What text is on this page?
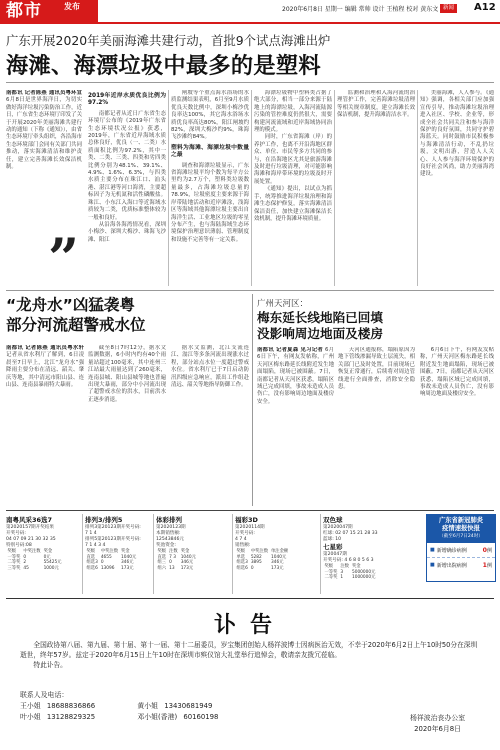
都市	发布	2020年6月8日 星期一 编辑 常帅 设计 王植程 校对 黄东文 新闻	A12
广东开展2020年美丽海滩共建行动，首批9个试点海滩出炉
海滩、海漂垃圾中最多的是塑料

南都讯 记者陈燕 通讯员粤环宣 6月8日是世界海洋日，为切实做好海洋垃圾污染防治工作，近日，广东省生态环境厅印发了关于开展2020年美丽海滩共建行动的通知（下称《通知》），由省生态环境厅牵头组织，各沿海市生态环境部门会同有关部门共同推动，落实海滩清洁和维护责任，建立完善海滩长效保洁机制。

”
2019年近岸水质优良比例为97.2%

南都记者从近日广东省生态环境厅公布的《2019年广东省生态环境状况公报》获悉，2019年，广东省近岸海域水质总体良好，优良（一、二类）水质面积比例为97.2%，其中一类、二类、三类、四类和劣四类比例分别为48.1%、39.1%、4.9%、1.6%、6.3%，与四类水质主要分布在珠江口、汕头港、湛江港等河口海湾，主要超标因子为无机氮和活性磷酸盐。珠江、小东江入海口等近海域水质较为二类，优质标准整体较为一般和良好。

从沿海各海湾情况看，深圳小梅沙、深圳大梅沙、珠海飞沙滩、阳江

闸坡等个重点海水浴场的水质监测结果表明，6月至9月水质优良天数比例中，深圳小梅沙优良率达100%，其它海水浴场水质优良率高达80%，阳江闸坡约82%，深圳大梅沙约9%，珠海飞沙滩约84%。

塑料为海滩、海漂垃圾中数量之最

调查和海漂垃圾显示，广东省海滩垃圾平均个数为每平方公里约为2.7万个，塑料类垃圾数量最多，占海滩垃圾总量的78.9%，垃圾密度主要来源于海岸带陆地活动和近岸滩涂，浅海区等海域其他海漂垃圾主要出自海洋生活、工业地区垃圾的零星分布产生，也与海陆海域生态环境保护治理意识薄弱、管理制度和设施不完善等有一定关系。

海漂垃圾物中塑料类占据了绝大部分，相当一部分来源于陆地上的海漂垃圾，入海河流陆源污染的管控难度仍然很大，需要构建河流流域和近岸海域协同治理的模式。

同时，广东省海滩（岸）的养护工作，也离不开沿海地区群众、单位、市民等多方共同的参与，在沿海地区尤其是旅游海滩及时进行垃圾清理，对可能影响海滩和海岸带环境的垃圾及时开展处置。

《通知》提出，以试点为抓手，统筹推进海洋垃圾治理和海滩生态保护修复，落实海滩清洁保洁责任，加快建立海滩保洁长效机制，提升海滩环境质量。

监测和治理和入海河流的治理管护工作，完善海滩垃圾清理等相关规章制度，建立海滩长效保洁机制，提升海滩清洁水平。

美丽海滩，人人参与。《通知》强调，各相关部门应加强宣传引导，推动海滩垃圾治理进入社区、学校、企业等，形成全社会共同关注和参与海洋保护的良好氛围，共同守护碧海蓝天。同时鼓励市民积极参与海滩清洁行动，不乱扔垃圾，文明出游，营造人人关心、人人参与海洋环境保护的良好社会风尚，助力美丽海湾建设。

“龙舟水”凶猛袭粤
部分河流超警戒水位

南都讯 记者陈燕 通讯员粤水轩 记者从省水利厅了解到，6日凌晨至7日早上，北江“龙舟水”强降雨主要分布在清远、韶关、肇庆等地，其中清远市阳山县、连山县、连南县暴雨特大暴雨。

截至8日7时12分，据水文监测数据，6小时内约有40个雨量站超过100毫米，其中连州三江站最大雨量达到了260毫米，连南县城、阳山县城等地也普遍出现大暴雨，部分中小河流出现了超警戒水位的洪水，目前洪水正逐步消退。

据水文监测，北江支流连江、滃江等多条河流出现涨水过程，部分站点水位一度超过警戒水位。省水利厅已于7日启动防汛四级应急响应，派出工作组赴清远、韶关等地指导防御工作。

广州天河区：
梅东延长线地陷已回填
没影响周边地面及楼房

南都讯 记者夏森 见习记者 6月6日下午，有网友发帖称，广州天河区梅东路延长线附近发生地面塌陷，现场已被围蔽。7日，南都记者从天河区获悉，塌陷区域已完成回填，事故未造成人员伤亡，没有影响周边地面及楼房安全。

天河区通报称，塌陷原因为地下管线渗漏导致土层流失，相关部门已及时处置，目前现场已恢复正常通行，后续将对周边管线进行全面排查，消除安全隐患。

6月6日下午，有网友发帖称，广州天河区梅东路延长线附近发生地面塌陷，现场已被围蔽。7日，南都记者从天河区获悉，塌陷区域已完成回填，事故未造成人员伤亡，没有影响周边地面及楼房安全。

南粤风采36选7
第2020157期开奖结果
开奖号码:
04 07 09 21 30 32 35
特别号码:08
奖级	中奖注数	奖金
一等奖	0	0元
二等奖	2	55425元
三等奖	45	1000元
排列3/排列5
排列3第20123期开奖号码:
7 1 4
排列5第20123期开奖号码:
7 1 4 3 4
奖级	中奖注数	奖金
直选	4655	1040元
组选3	0	346元
组选6	13096	173元
体彩排列
第2020123期
本期销售额:
12543846元
奖池资金:
奖级	注数	奖金
直选	7 3	1040元
组三	0	346元
组六	13	173元
福彩3D
第2020114期
开奖号码:
4 7 4
销售额:
奖级	中奖注数	单注金额
单选	5282	1040元
组选3	3895	346元
组选6	0	173元
双色球
第2020047期
红球: 02 07 15 21 28 33
蓝球: 10
七星彩
第20047期
开奖号码: 4 6 8 0 5 6 3
奖级	注数	奖金
一等奖	3	5000000元
二等奖	1	1000000元
广东省新冠肺炎
疫情速报快报
（截至6月7日24时）
■ 新增确诊病例	0 例
■ 新增出院病例	1 例
讣告
全国政协第八届、第九届、第十届、第十一届、第十二届委员，岁宝集团创始人杨祥波博士因病医治无效，不幸于2020年6月2日上午10时50分在深圳逝世，终年57岁。兹定于2020年6月15日上午10时在深圳市殡仪馆大礼堂举行追悼会，敬请亲友拨冗莅临。
特此讣告。
联系人及电话：
王小姐 18688836866	黄小姐 13430681949
叶小姐 13128829325	邓小姐(香港) 60160198	杨祥波治丧办公室
2020年6月8日
